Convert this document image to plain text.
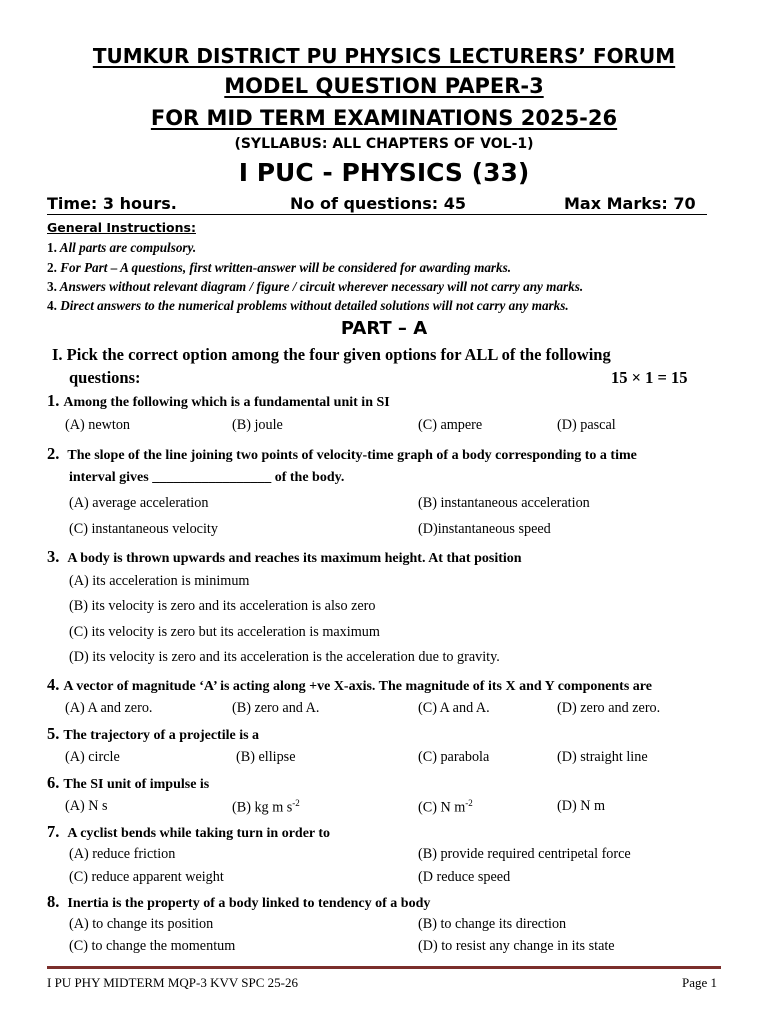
TUMKUR DISTRICT PU PHYSICS LECTURERS’ FORUM
MODEL QUESTION PAPER-3
FOR MID TERM EXAMINATIONS 2025-26
(SYLLABUS: ALL CHAPTERS OF VOL-1)
I PUC - PHYSICS (33)
Time: 3 hours.	No of questions: 45	Max Marks: 70
General Instructions:
1. All parts are compulsory.
2. For Part – A questions, first written-answer will be considered for awarding marks.
3. Answers without relevant diagram / figure / circuit wherever necessary will not carry any marks.
4. Direct answers to the numerical problems without detailed solutions will not carry any marks.
PART – A
I. Pick the correct option among the four given options for ALL of the following
questions:	15 × 1 = 15
1. Among the following which is a fundamental unit in SI
(A) newton	(B) joule	(C) ampere	(D) pascal
2. The slope of the line joining two points of velocity-time graph of a body corresponding to a time
interval gives _________________ of the body.
(A) average acceleration	(B) instantaneous acceleration
(C) instantaneous velocity	(D)instantaneous speed
3. A body is thrown upwards and reaches its maximum height. At that position
(A) its acceleration is minimum
(B) its velocity is zero and its acceleration is also zero
(C) its velocity is zero but its acceleration is maximum
(D) its velocity is zero and its acceleration is the acceleration due to gravity.
4. A vector of magnitude ‘A’ is acting along +ve X-axis. The magnitude of its X and Y components are
(A) A and zero.	(B) zero and A.	(C) A and A.	(D) zero and zero.
5. The trajectory of a projectile is a
(A) circle	(B) ellipse	(C) parabola	(D) straight line
6. The SI unit of impulse is
(A) N s	(B) kg m $s^{-2}$	(C) N $m^{-2}$	(D) N m
7. A cyclist bends while taking turn in order to
(A) reduce friction	(B) provide required centripetal force
(C) reduce apparent weight	(D reduce speed
8. Inertia is the property of a body linked to tendency of a body
(A) to change its position	(B) to change its direction
(C) to change the momentum	(D) to resist any change in its state
I PU PHY MIDTERM MQP-3 KVV SPC 25-26	Page 1
